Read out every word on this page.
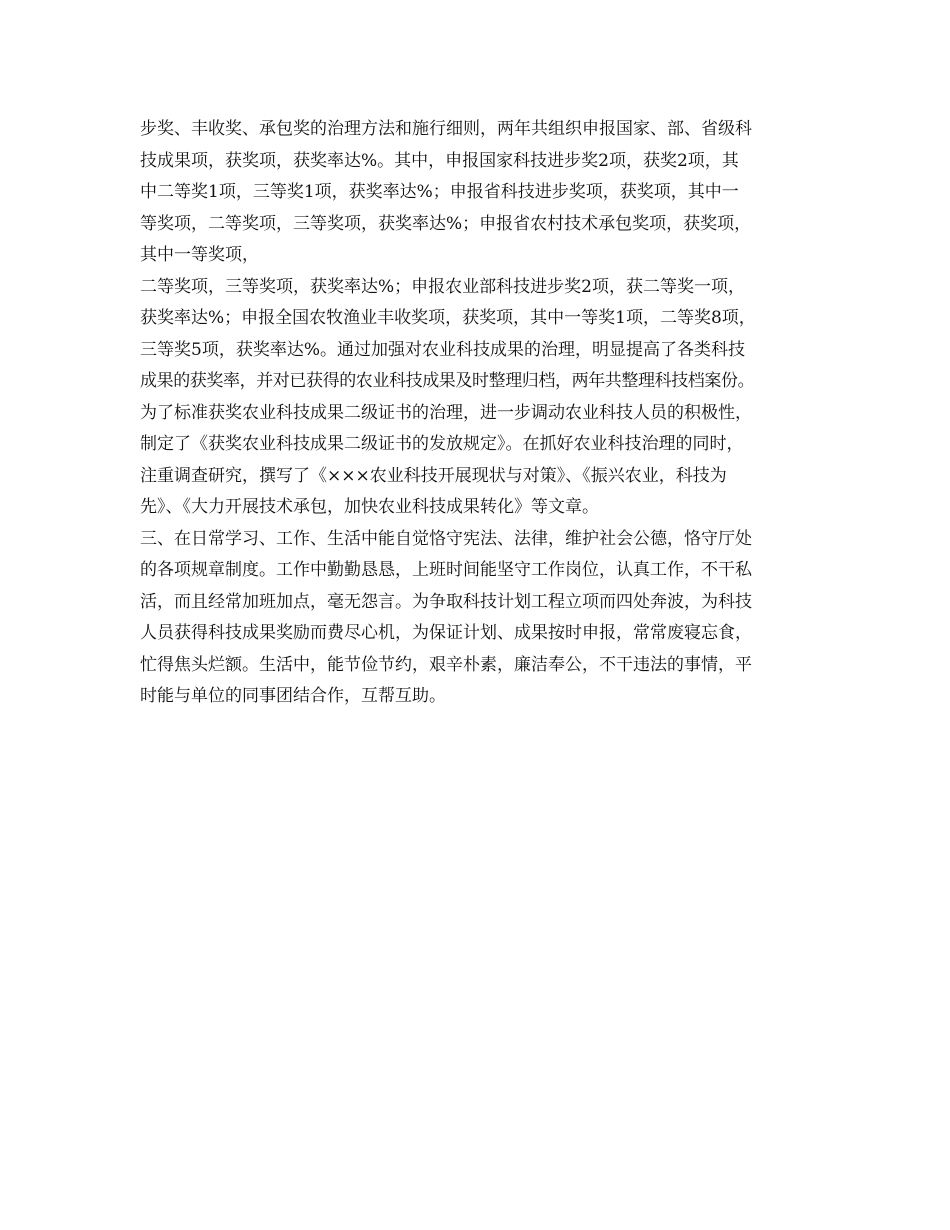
步奖、丰收奖、承包奖的治理方法和施行细则，两年共组织申报国家、部、省级科
技成果项，获奖项，获奖率达%。其中，申报国家科技进步奖2项，获奖2项，其
中二等奖1项，三等奖1项，获奖率达%；申报省科技进步奖项，获奖项，其中一
等奖项，二等奖项，三等奖项，获奖率达%；申报省农村技术承包奖项，获奖项，
其中一等奖项，
二等奖项，三等奖项，获奖率达%；申报农业部科技进步奖2项，获二等奖一项，
获奖率达%；申报全国农牧渔业丰收奖项，获奖项，其中一等奖1项，二等奖8项，
三等奖5项，获奖率达%。通过加强对农业科技成果的治理，明显提高了各类科技
成果的获奖率，并对已获得的农业科技成果及时整理归档，两年共整理科技档案份。
为了标准获奖农业科技成果二级证书的治理，进一步调动农业科技人员的积极性，
制定了《获奖农业科技成果二级证书的发放规定》。在抓好农业科技治理的同时，
注重调查研究，撰写了《×××农业科技开展现状与对策》、《振兴农业，科技为
先》、《大力开展技术承包，加快农业科技成果转化》等文章。
三、在日常学习、工作、生活中能自觉恪守宪法、法律，维护社会公德，恪守厅处
的各项规章制度。工作中勤勤恳恳，上班时间能坚守工作岗位，认真工作，不干私
活，而且经常加班加点，毫无怨言。为争取科技计划工程立项而四处奔波，为科技
人员获得科技成果奖励而费尽心机，为保证计划、成果按时申报，常常废寝忘食，
忙得焦头烂额。生活中，能节俭节约，艰辛朴素，廉洁奉公，不干违法的事情，平
时能与单位的同事团结合作，互帮互助。
